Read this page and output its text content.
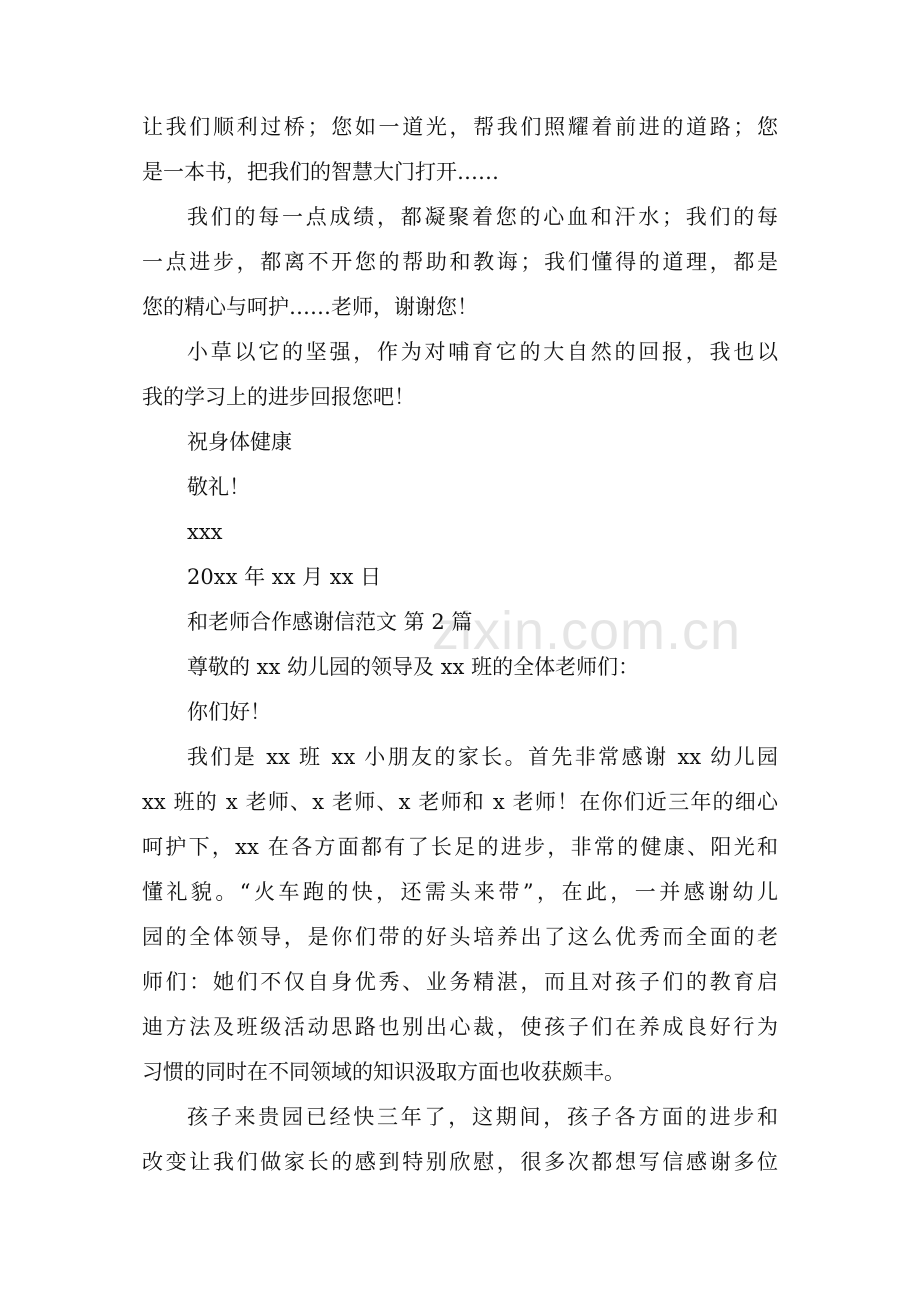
让我们顺利过桥；您如一道光，帮我们照耀着前进的道路；您
是一本书，把我们的智慧大门打开……
我们的每一点成绩，都凝聚着您的心血和汗水；我们的每
一点进步，都离不开您的帮助和教诲；我们懂得的道理，都是
您的精心与呵护……老师，谢谢您！
小草以它的坚强，作为对哺育它的大自然的回报，我也以
我的学习上的进步回报您吧！
祝身体健康
敬礼！
xxx
20xx 年 xx 月 xx 日
和老师合作感谢信范文 第 2 篇
尊敬的 xx 幼儿园的领导及 xx 班的全体老师们：
你们好！
我们是 xx 班 xx 小朋友的家长。首先非常感谢 xx 幼儿园
xx 班的 x 老师、x 老师、x 老师和 x 老师！在你们近三年的细心
呵护下，xx 在各方面都有了长足的进步，非常的健康、阳光和
懂礼貌。“火车跑的快，还需头来带”，在此，一并感谢幼儿
园的全体领导，是你们带的好头培养出了这么优秀而全面的老
师们：她们不仅自身优秀、业务精湛，而且对孩子们的教育启
迪方法及班级活动思路也别出心裁，使孩子们在养成良好行为
习惯的同时在不同领域的知识汲取方面也收获颇丰。
孩子来贵园已经快三年了，这期间，孩子各方面的进步和
改变让我们做家长的感到特别欣慰，很多次都想写信感谢多位
zixin.com.cn
